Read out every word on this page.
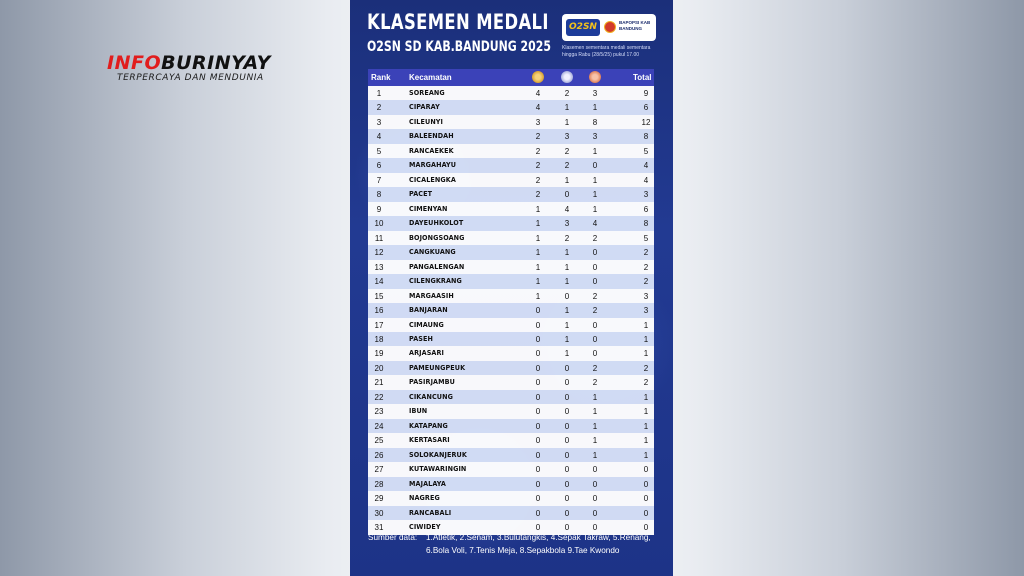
INFOBURINYAY
TERPERCAYA DAN MENDUNIA
KLASEMEN MEDALI
O2SN SD KAB.BANDUNG 2025
O2SN	BAPOPSI KAB BANDUNG
Klasemen sementara medali sementara hingga Rabu (28/5/25) pukul 17.00
Rank Kecamatan	Total
1	SOREANG	4	2	3	9
2	CIPARAY	4	1	1	6
3	CILEUNYI	3	1	8	12
4	BALEENDAH	2	3	3	8
5	RANCAEKEK	2	2	1	5
6	MARGAHAYU	2	2	0	4
7	CICALENGKA	2	1	1	4
8	PACET	2	0	1	3
9	CIMENYAN	1	4	1	6
10	DAYEUHKOLOT	1	3	4	8
11	BOJONGSOANG	1	2	2	5
12	CANGKUANG	1	1	0	2
13	PANGALENGAN	1	1	0	2
14	CILENGKRANG	1	1	0	2
15	MARGAASIH	1	0	2	3
16	BANJARAN	0	1	2	3
17	CIMAUNG	0	1	0	1
18	PASEH	0	1	0	1
19	ARJASARI	0	1	0	1
20	PAMEUNGPEUK	0	0	2	2
21	PASIRJAMBU	0	0	2	2
22	CIKANCUNG	0	0	1	1
23	IBUN	0	0	1	1
24	KATAPANG	0	0	1	1
25	KERTASARI	0	0	1	1
26	SOLOKANJERUK	0	0	1	1
27	KUTAWARINGIN	0	0	0	0
28	MAJALAYA	0	0	0	0
29	NAGREG	0	0	0	0
30	RANCABALI	0	0	0	0
31	CIWIDEY	0	0	0	0
Sumber data: 1.Atletik, 2.Senam, 3.Bulutangkis, 4.Sepak Takraw, 5.Renang, 6.Bola Voli, 7.Tenis Meja, 8.Sepakbola 9.Tae Kwondo
